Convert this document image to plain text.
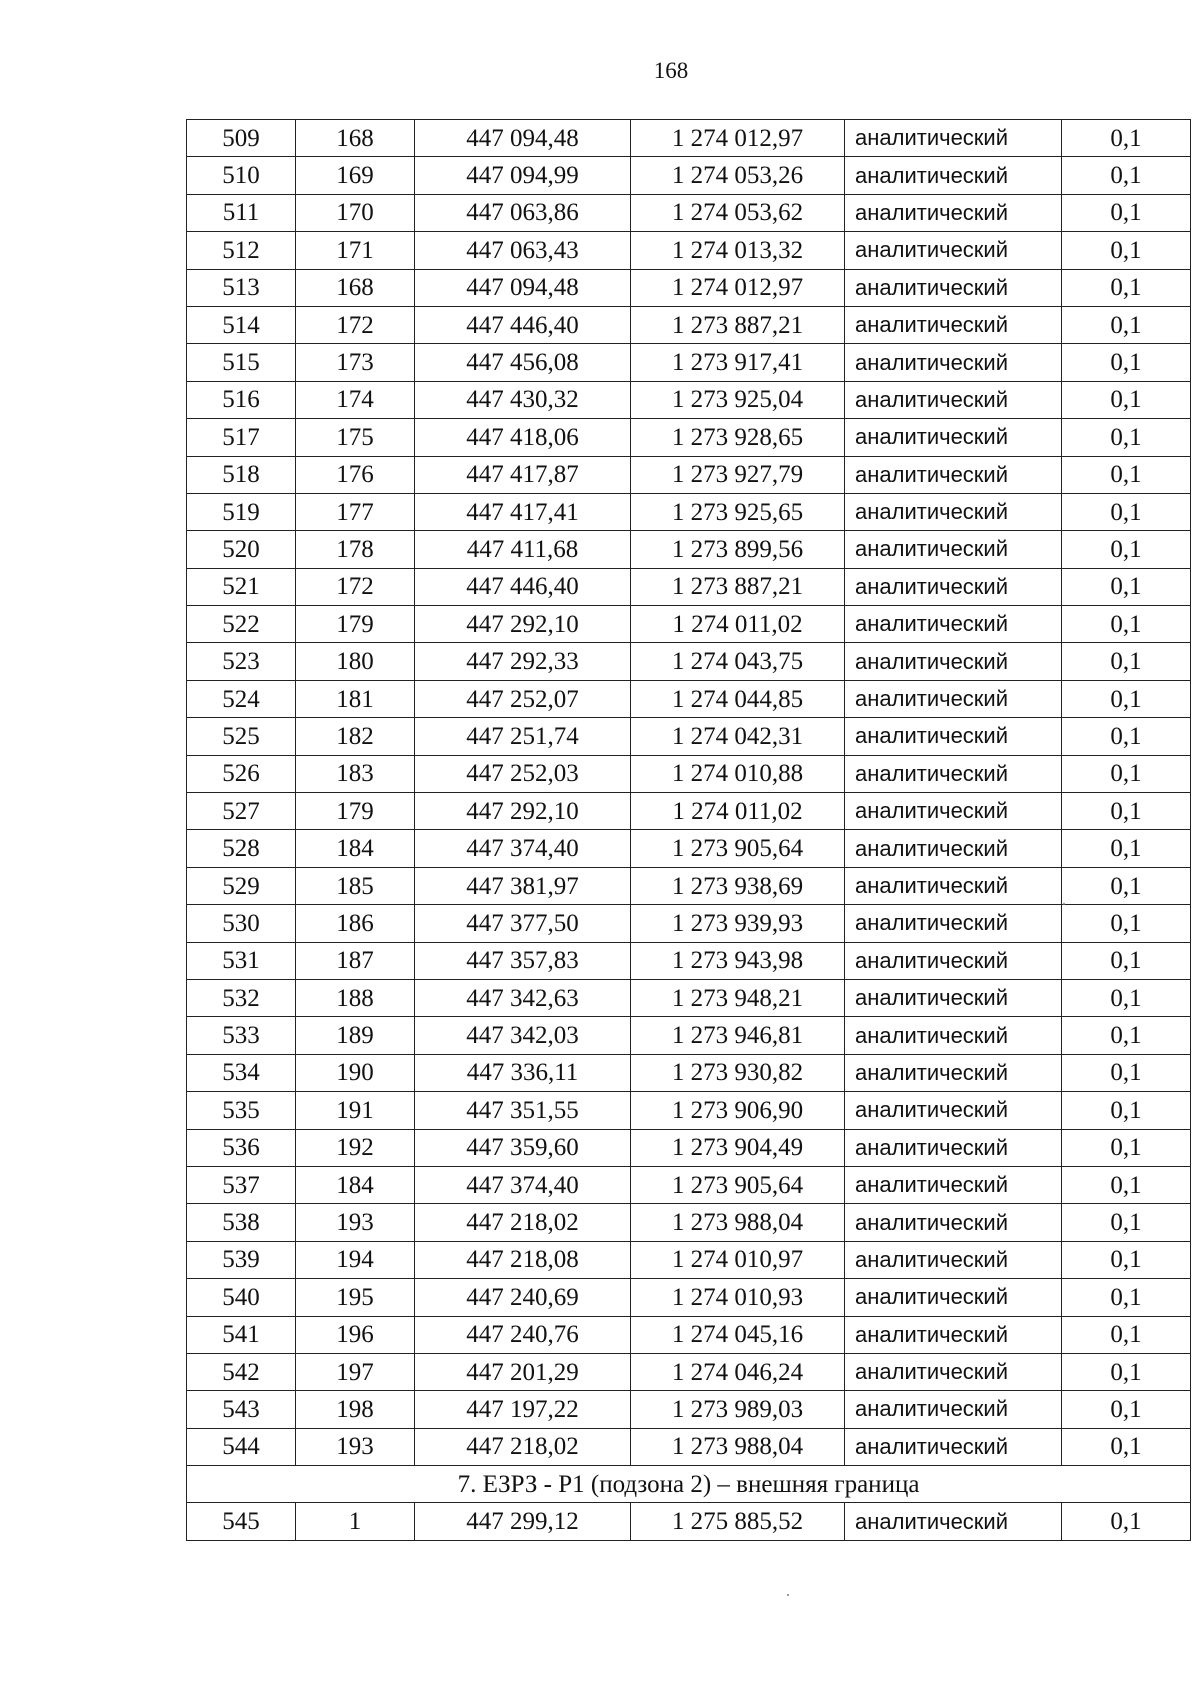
168
509	168	447 094,48	1 274 012,97	аналитический	0,1
510	169	447 094,99	1 274 053,26	аналитический	0,1
511	170	447 063,86	1 274 053,62	аналитический	0,1
512	171	447 063,43	1 274 013,32	аналитический	0,1
513	168	447 094,48	1 274 012,97	аналитический	0,1
514	172	447 446,40	1 273 887,21	аналитический	0,1
515	173	447 456,08	1 273 917,41	аналитический	0,1
516	174	447 430,32	1 273 925,04	аналитический	0,1
517	175	447 418,06	1 273 928,65	аналитический	0,1
518	176	447 417,87	1 273 927,79	аналитический	0,1
519	177	447 417,41	1 273 925,65	аналитический	0,1
520	178	447 411,68	1 273 899,56	аналитический	0,1
521	172	447 446,40	1 273 887,21	аналитический	0,1
522	179	447 292,10	1 274 011,02	аналитический	0,1
523	180	447 292,33	1 274 043,75	аналитический	0,1
524	181	447 252,07	1 274 044,85	аналитический	0,1
525	182	447 251,74	1 274 042,31	аналитический	0,1
526	183	447 252,03	1 274 010,88	аналитический	0,1
527	179	447 292,10	1 274 011,02	аналитический	0,1
528	184	447 374,40	1 273 905,64	аналитический	0,1
529	185	447 381,97	1 273 938,69	аналитический	0,1
530	186	447 377,50	1 273 939,93	аналитический	0,1
531	187	447 357,83	1 273 943,98	аналитический	0,1
532	188	447 342,63	1 273 948,21	аналитический	0,1
533	189	447 342,03	1 273 946,81	аналитический	0,1
534	190	447 336,11	1 273 930,82	аналитический	0,1
535	191	447 351,55	1 273 906,90	аналитический	0,1
536	192	447 359,60	1 273 904,49	аналитический	0,1
537	184	447 374,40	1 273 905,64	аналитический	0,1
538	193	447 218,02	1 273 988,04	аналитический	0,1
539	194	447 218,08	1 274 010,97	аналитический	0,1
540	195	447 240,69	1 274 010,93	аналитический	0,1
541	196	447 240,76	1 274 045,16	аналитический	0,1
542	197	447 201,29	1 274 046,24	аналитический	0,1
543	198	447 197,22	1 273 989,03	аналитический	0,1
544	193	447 218,02	1 273 988,04	аналитический	0,1
7. ЕЗРЗ - Р1 (подзона 2) – внешняя граница					
545	1	447 299,12	1 275 885,52	аналитический	0,1
